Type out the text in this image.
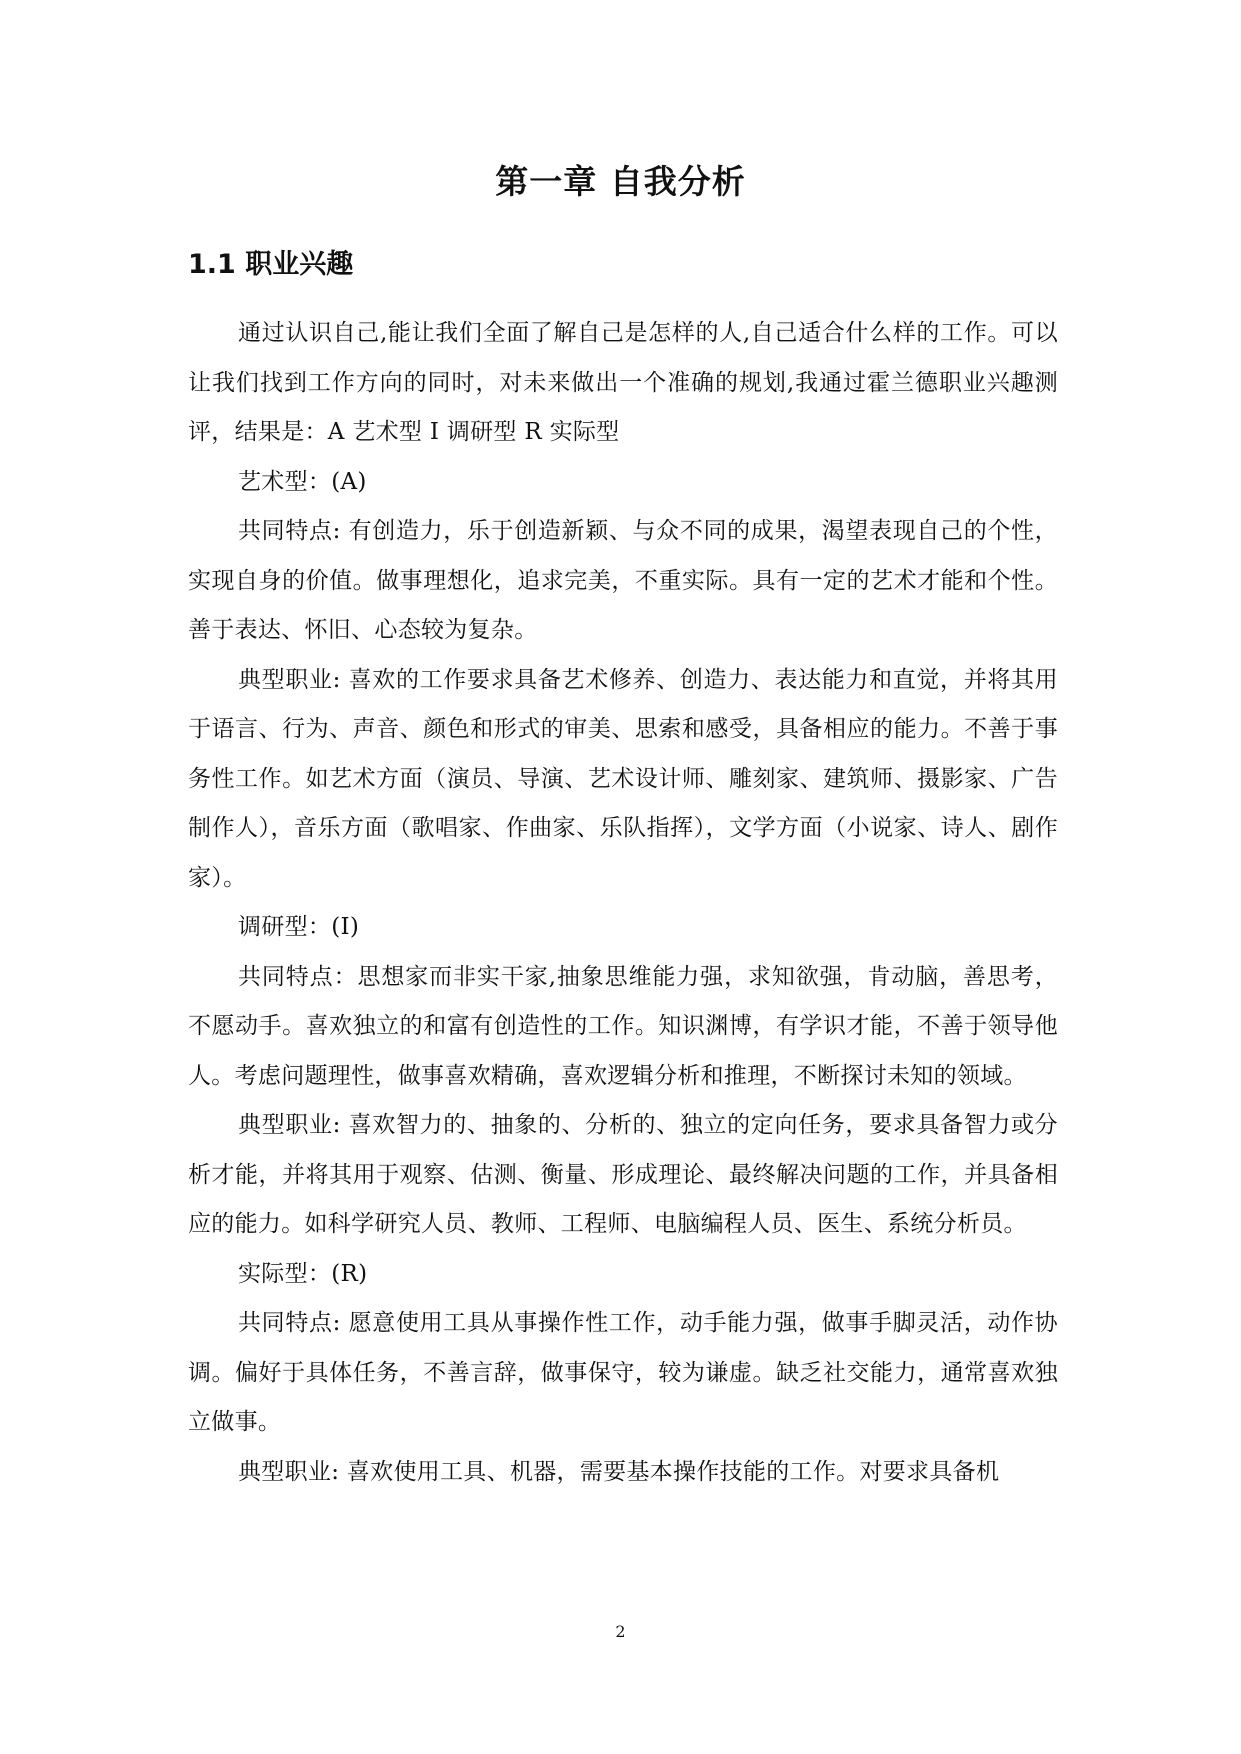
第一章 自我分析
1.1 职业兴趣

通过认识自己,能让我们全面了解自己是怎样的人,自己适合什么样的工作。可以让我们找到工作方向的同时，对未来做出一个准确的规划,我通过霍兰德职业兴趣测评，结果是：A 艺术型 I 调研型 R 实际型

艺术型：(A)

共同特点: 有创造力，乐于创造新颖、与众不同的成果，渴望表现自己的个性，实现自身的价值。做事理想化，追求完美，不重实际。具有一定的艺术才能和个性。善于表达、怀旧、心态较为复杂。

典型职业: 喜欢的工作要求具备艺术修养、创造力、表达能力和直觉，并将其用于语言、行为、声音、颜色和形式的审美、思索和感受，具备相应的能力。不善于事务性工作。如艺术方面（演员、导演、艺术设计师、雕刻家、建筑师、摄影家、广告制作人），音乐方面（歌唱家、作曲家、乐队指挥），文学方面（小说家、诗人、剧作家）。

调研型：(I)

共同特点：思想家而非实干家,抽象思维能力强，求知欲强，肯动脑，善思考，不愿动手。喜欢独立的和富有创造性的工作。知识渊博，有学识才能，不善于领导他人。考虑问题理性，做事喜欢精确，喜欢逻辑分析和推理，不断探讨未知的领域。

典型职业: 喜欢智力的、抽象的、分析的、独立的定向任务，要求具备智力或分析才能，并将其用于观察、估测、衡量、形成理论、最终解决问题的工作，并具备相应的能力。如科学研究人员、教师、工程师、电脑编程人员、医生、系统分析员。

实际型：(R)

共同特点: 愿意使用工具从事操作性工作，动手能力强，做事手脚灵活，动作协调。偏好于具体任务，不善言辞，做事保守，较为谦虚。缺乏社交能力，通常喜欢独立做事。

典型职业: 喜欢使用工具、机器，需要基本操作技能的工作。对要求具备机

2
